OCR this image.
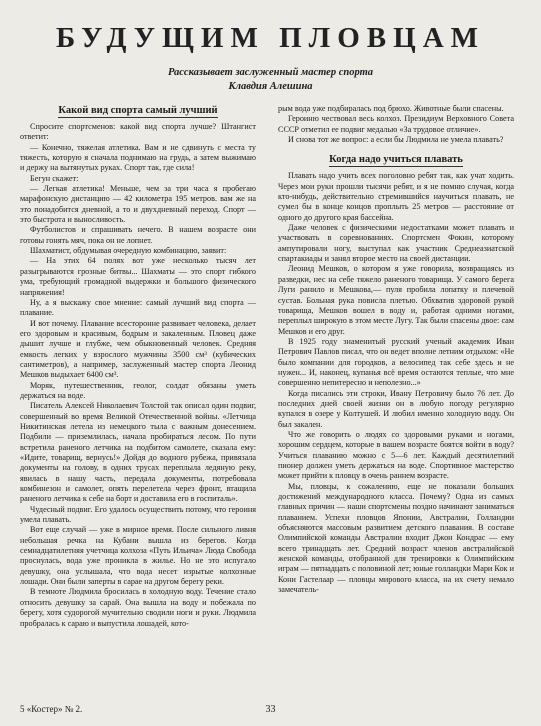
БУДУЩИМ ПЛОВЦАМ
Рассказывает заслуженный мастер спорта
Клавдия Алешина
Какой вид спорта самый лучший

Спросите спортсменов: какой вид спорта лучше? Штангист ответит:

— Конечно, тяжелая атлетика. Вам и не сдвинуть с места ту тяжесть, которую я сначала поднимаю на грудь, а затем выжимаю и держу на вытянутых руках. Спорт так, где сила!

Бегун скажет:

— Легкая атлетика! Меньше, чем за три часа я пробегаю марафонскую дистанцию — 42 километра 195 метров. вам же на это понадобится дневной, а то и двухдневный переход. Спорт — это быстрота и выносливость.

Футболистов и спрашивать нечего. В нашем возрасте они готовы гонять мяч, пока он не лопнет.

Шахматист, обдумывая очередную комбинацию, заявит:

— На этих 64 полях вот уже несколько тысяч лет разыгрываются грозные битвы... Шахматы — это спорт гибкого ума, требующий громадной выдержки и большого физического напряжения!

Ну, а я выскажу свое мнение: самый лучший вид спорта — плавание.

И вот почему. Плавание всесторонне развивает человека, делает его здоровым и красивым, бодрым и закаленным. Пловец даже дышит лучше и глубже, чем обыкновенный человек. Средняя емкость легких у взрослого мужчины 3500 см³ (кубических сантиметров), а например, заслуженный мастер спорта Леонид Мешков выдыхает 6400 см³.

Моряк, путешественник, геолог, солдат обязаны уметь держаться на воде.

Писатель Алексей Николаевич Толстой так описал один подвиг, совершенный во время Великой Отечественной войны. «Летчица Никитинская летела из немецкого тыла с важным донесением. Подбили — приземлилась, начала пробираться лесом. По пути встретила раненого летчика на подбитом самолете, сказала ему: «Идите, товарищ, вернусь!» Дойдя до водного рубежа, привязала документы на голову, в одних трусах переплыла ледяную реку, явилась в нашу часть, передала документы, потребовала комбинезон и самолет, опять перелетела через фронт, втащила раненого летчика к себе на борт и доставила его в госпиталь».

Чудесный подвиг. Его удалось осуществить потому, что героиня умела плавать.

Вот еще случай — уже в мирное время. После сильного ливня небольшая речка на Кубани вышла из берегов. Когда семнадцатилетняя учетчица колхоза «Путь Ильича» Люда Свобода проснулась, вода уже проникла в жилье. Но не это испугало девушку, она услышала, что вода несет изрытые колхозные лошади. Они были заперты в сарае на другом берегу реки.

В темноте Людмила бросилась в холодную воду. Течение стало относить девушку за сарай. Она вышла на воду и побежала по берегу, хотя судорогой мучительно сводили ноги и руки. Людмила пробралась к сараю и выпустила лошадей, кото-

рым вода уже подбиралась под брюхо. Животные были спасены.

Героиню чествовал весь колхоз. Президиум Верховного Совета СССР отметил ее подвиг медалью «За трудовое отличие».

И снова тот же вопрос: а если бы Людмила не умела плавать?

Когда надо учиться плавать

Плавать надо учить всех поголовно ребят так, как учат ходить. Через мои руки прошли тысячи ребят, и я не помню случая, когда кто-нибудь, действительно стремившийся научиться плавать, не сумел бы в конце концов проплыть 25 метров — расстояние от одного до другого края бассейна.

Даже человек с физическими недостатками может плавать и участвовать в соревнованиях. Спортсмен Фокин, которому ампутировали ногу, выступал как участник Среднеазиатской спартакиады и занял второе место на своей дистанции.

Леонид Мешков, о котором я уже говорила, возвращаясь из разведки, нес на себе тяжело раненого товарища. У самого берега Луги ранило и Мешкова,— пуля пробила лопатку и плечевой сустав. Больная рука повисла плетью. Обхватив здоровой рукой товарища, Мешков вошел в воду и, работая одними ногами, переплыл широкую в этом месте Лугу. Так были спасены двое: сам Мешков и его друг.

В 1925 году знаменитый русский ученый академик Иван Петрович Павлов писал, что он ведет вполне летним отдыхом: «Не было компании для городков, а велосипед так себе здесь и не нужен... И, наконец, купанья всё время остаются теплые, что мне совершенно непитересно и неполезно...»

Когда писались эти строки, Ивану Петровичу было 76 лет. До последних дней своей жизни он в любую погоду регулярно купался в озере у Колтушей. И любил именно холодную воду. Он был закален.

Что же говорить о людях со здоровыми руками и ногами, хорошим сердцем, которые в вашем возрасте боятся войти в воду? Учиться плаванию можно с 5—6 лет. Каждый десятилетний пионер должен уметь держаться на воде. Спортивное мастерство может прийти к пловцу в очень раннем возрасте.

Мы, пловцы, к сожалению, еще не показали больших достижений международного класса. Почему? Одна из самых главных причин — наши спортсмены поздно начинают заниматься плаванием. Успехи пловцов Японии, Австралии, Голландии объясняются массовым развитием детского плавания. В составе Олимпийской команды Австралии входит Джон Кондрас — ему всего тринадцать лет. Средний возраст членов австралийской женской команды, отобранной для тренировки к Олимпийским играм — пятнадцать с половиной лет; юные голландки Мари Кок и Кони Гастелаар — пловцы мирового класса, на их счету немало замечатель-

5 «Костер» № 2.	33
